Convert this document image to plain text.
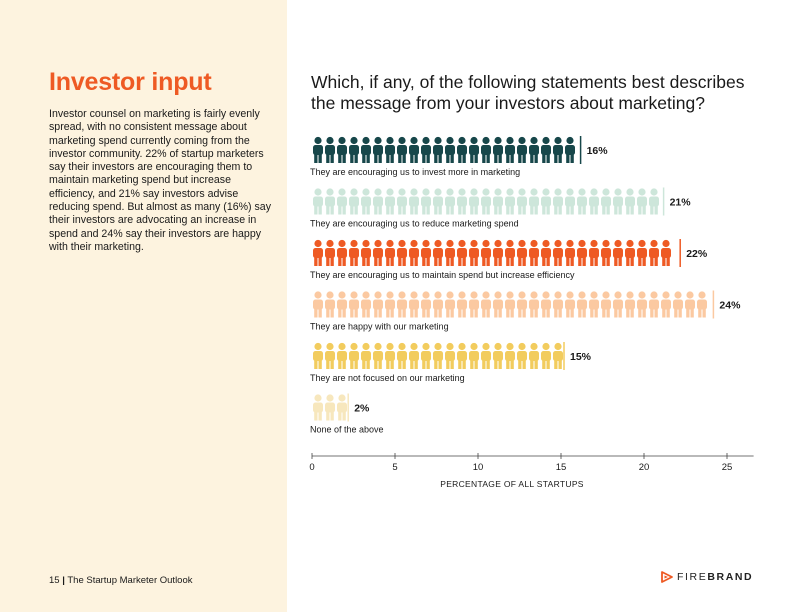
Investor input

Investor counsel on marketing is fairly evenly spread, with no consistent message about marketing spend currently coming from the investor community. 22% of startup marketers say their investors are encouraging them to maintain marketing spend but increase efficiency, and 21% say investors advise reducing spend. But almost as many (16%) say their investors are advocating an increase in spend and 24% say their investors are happy with their marketing.

15 | The Startup Marketer Outlook
Which, if any, of the following statements best describes the message from your investors about marketing?
16%
They are encouraging us to invest more in marketing
21%
They are encouraging us to reduce marketing spend
22%
They are encouraging us to maintain spend but increase efficiency
24%
They are happy with our marketing
15%
They are not focused on our marketing
2%
None of the above
0	5	10	15	20	25
PERCENTAGE OF ALL STARTUPS
FIREBRAND
